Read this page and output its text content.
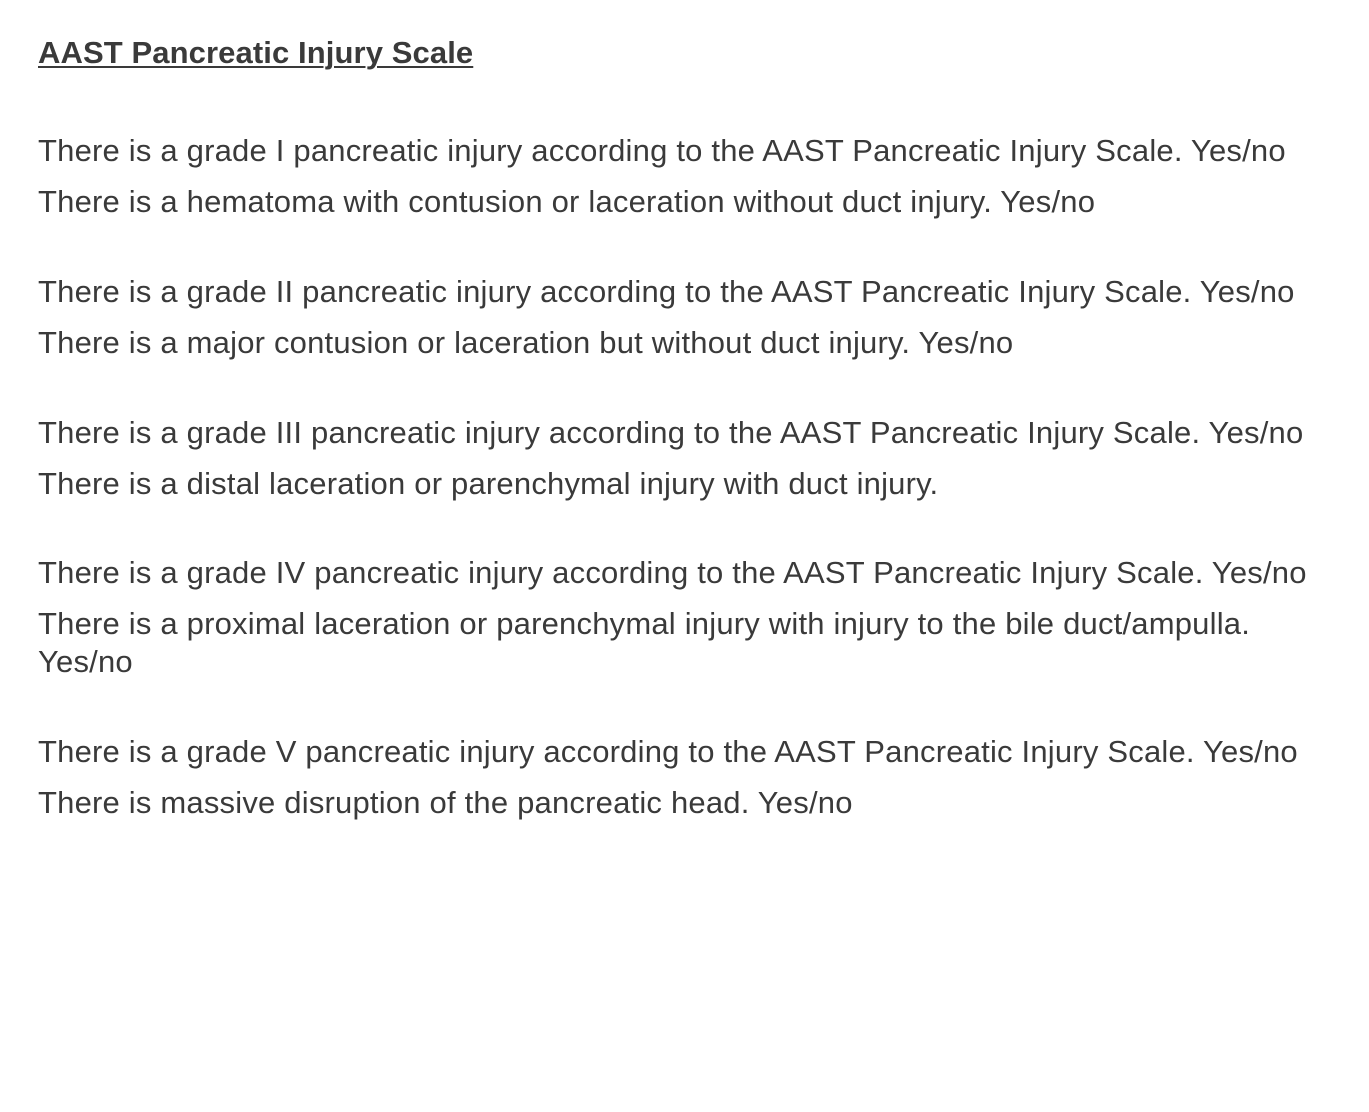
AAST Pancreatic Injury Scale

There is a grade I pancreatic injury according to the AAST Pancreatic Injury Scale. Yes/no

There is a hematoma with contusion or laceration without duct injury. Yes/no

There is a grade II pancreatic injury according to the AAST Pancreatic Injury Scale. Yes/no

There is a major contusion or laceration but without duct injury. Yes/no

There is a grade III pancreatic injury according to the AAST Pancreatic Injury Scale. Yes/no

There is a distal laceration or parenchymal injury with duct injury.

There is a grade IV pancreatic injury according to the AAST Pancreatic Injury Scale. Yes/no

There is a proximal laceration or parenchymal injury with injury to the bile duct/ampulla. Yes/no

There is a grade V pancreatic injury according to the AAST Pancreatic Injury Scale. Yes/no

There is massive disruption of the pancreatic head. Yes/no
